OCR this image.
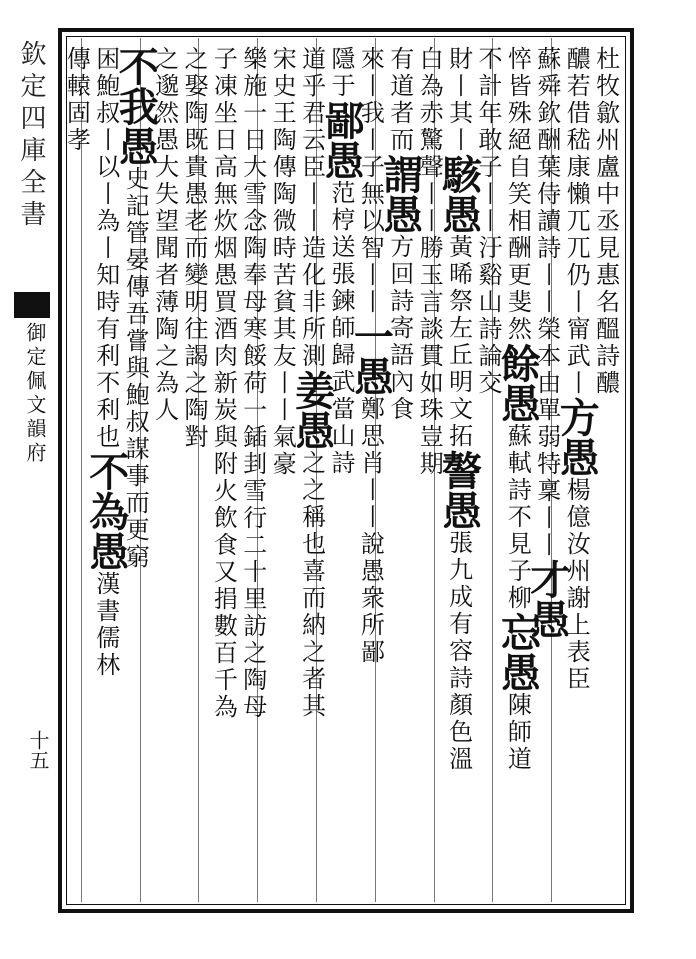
欽定四庫全書
御定佩文韻府
十五
杜牧歙州盧中丞見惠名醞詩醲
醲若借嵇康懶兀兀仍丨甯武丨方愚楊億汝州謝上表臣
蘇舜欽酬葉侍讀詩丨丨榮本由單弱特稟丨丨才愚
悴皆殊絕自笑相酬更斐然餘愚蘇軾詩不見子柳忘愚陳師道
不計年敢子丨丨汙谿山詩論交
財丨其丨駭愚黃晞祭左丘明文拓謷愚張九成有容詩顏色溫
白為赤驚聲丨丨勝玉言談貫如珠豈期
有道者而謂愚方回詩寄語內食
來丨我丨子無以智丨丨一愚鄭思肖丨丨說愚衆所鄙
隱于鄙愚范梈送張鍊師歸武當山詩
道乎君云臣丨丨造化非所測姜愚之之稱也喜而納之者其
宋史王陶傳陶微時苦貧其友丨丨氣豪
樂施一日大雪念陶奉母寒餒荷一鍤刲雪行二十里訪之陶母
子凍坐日高無炊烟愚買酒肉新炭與附火飲食又捐數百千為
之娶陶既貴愚老而變明往謁之陶對
之邈然愚大失望聞者薄陶之為人
不我愚史記管晏傳吾嘗與鮑叔謀事而更窮
困鮑叔丨以丨為丨知時有利不利也不為愚漢書儒林
傳轅固孝
